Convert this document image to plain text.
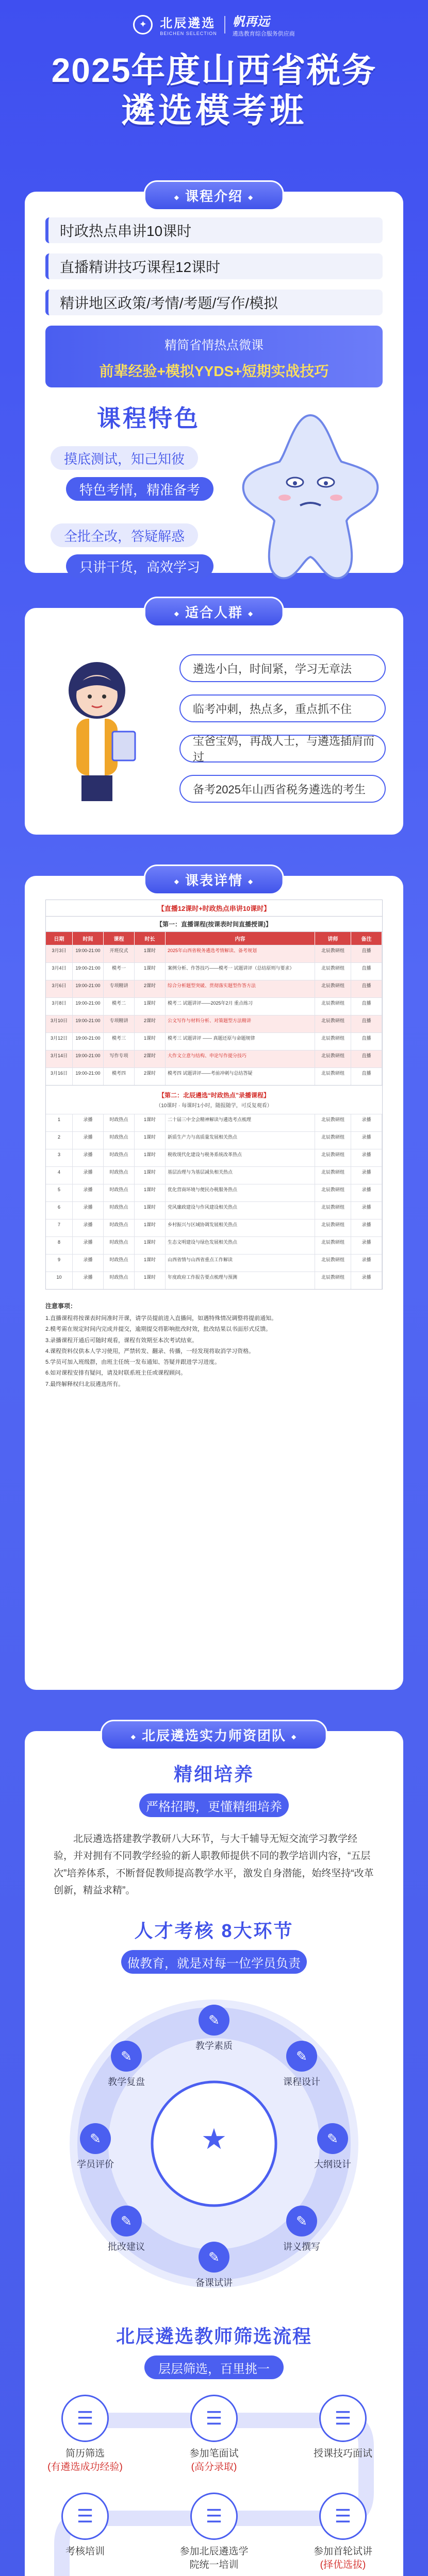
✦	北辰遴选
BEICHEN SELECTION
帆再远
遴选教育综合服务供应商
2025年度山西省税务
遴选模考班
◆ 课程介绍 ◆
时政热点串讲10课时
直播精讲技巧课程12课时
精讲地区政策/考情/考题/写作/模拟
精简省情热点微课
前辈经验+模拟YYDS+短期实战技巧
课程特色
摸底测试，知己知彼
特色考情，精准备考
全批全改，答疑解惑
只讲干货，高效学习
◆ 适合人群 ◆
遴选小白，时间紧，学习无章法
临考冲刺，热点多，重点抓不住
宝爸宝妈，再战人士，与遴选插肩而过
备考2025年山西省税务遴选的考生
◆ 课表详情 ◆
【直播12课时+时政热点串讲10课时】
【第一：直播课程(按课表时间直播授课)】
日期	时间	课程	时长	内容	讲师	备注
3月3日	19:00-21:00	开班仪式	1课时	2025年山西省税务遴选考情解读、备考规划	北辰教研组	直播
3月4日	19:00-21:00	模考一	1课时	案例分析、作答技巧——模考一 试题讲评（总结原则与要求）	北辰教研组	直播
3月6日	19:00-21:00	专项精讲	2课时	综合分析题型突破、贯彻落实题型作答方法	北辰教研组	直播
3月8日	19:00-21:00	模考二	1课时	模考二 试题讲评——2025年2月 重点练习	北辰教研组	直播
3月10日	19:00-21:00	专项精讲	2课时	公文写作与材料分析、对策题型方法精讲	北辰教研组	直播
3月12日	19:00-21:00	模考三	1课时	模考三 试题讲评 —— 真题还原与命题规律	北辰教研组	直播
3月14日	19:00-21:00	写作专项	2课时	大作文立意与结构、申论写作提分技巧	北辰教研组	直播
3月16日	19:00-21:00	模考四	2课时	模考四 试题讲评——考前冲刺与总结答疑	北辰教研组	直播
【第二：北辰遴选“时政热点”录播课程】
（10课时 · 每课时1小时，随报随学，可反复观看）
1	录播	时政热点	1课时	二十届三中全会精神解读与遴选考点梳理	北辰教研组	录播
2	录播	时政热点	1课时	新质生产力与高质量发展相关热点	北辰教研组	录播
3	录播	时政热点	1课时	税收现代化建设与税务系统改革热点	北辰教研组	录播
4	录播	时政热点	1课时	基层治理与为基层减负相关热点	北辰教研组	录播
5	录播	时政热点	1课时	优化营商环境与便民办税服务热点	北辰教研组	录播
6	录播	时政热点	1课时	党风廉政建设与作风建设相关热点	北辰教研组	录播
7	录播	时政热点	1课时	乡村振兴与区域协调发展相关热点	北辰教研组	录播
8	录播	时政热点	1课时	生态文明建设与绿色发展相关热点	北辰教研组	录播
9	录播	时政热点	1课时	山西省情与山西省重点工作解读	北辰教研组	录播
10	录播	时政热点	1课时	年度政府工作报告要点梳理与预测	北辰教研组	录播
注意事项：

1.直播课程将按课表时间准时开课，请学员提前进入直播间，如遇特殊情况调整将提前通知。

2.模考需在规定时间内完成并提交，逾期提交将影响批改时效，批改结果以书面形式反馈。

3.录播课程开通后可随时观看，课程有效期至本次考试结束。

4.课程资料仅供本人学习使用，严禁转发、翻录、传播，一经发现将取消学习资格。

5.学员可加入班级群，由班主任统一发布通知、答疑并跟进学习进度。

6.如对课程安排有疑问，请及时联系班主任或课程顾问。

7.最终解释权归北辰遴选所有。

◆ 北辰遴选实力师资团队 ◆
精细培养
严格招聘，更懂精细培养
北辰遴选搭建教学教研八大环节，与大千辅导无短交流学习教学经验，并对拥有不同教学经验的新人职教师提供不同的教学培训内容，“五层次”培养体系，不断督促教师提高教学水平，激发自身潜能，始终坚持“改革创新，精益求精”。
人才考核 8大环节
做教育，就是对每一位学员负责
★
✎
教学素质
✎
课程设计
✎
大纲设计
✎
讲义撰写
✎
备课试讲
✎
批改建议
✎
学员评价
✎
教学复盘
北辰遴选教师筛选流程
层层筛选，百里挑一
☰
简历筛选
(有遴选成功经验)
☰
参加笔面试
(高分录取)
☰
授课技巧面试
☰
参加首轮试讲
(择优选拔)
☰
参加北辰遴选学院统一培训
☰
考核培训
